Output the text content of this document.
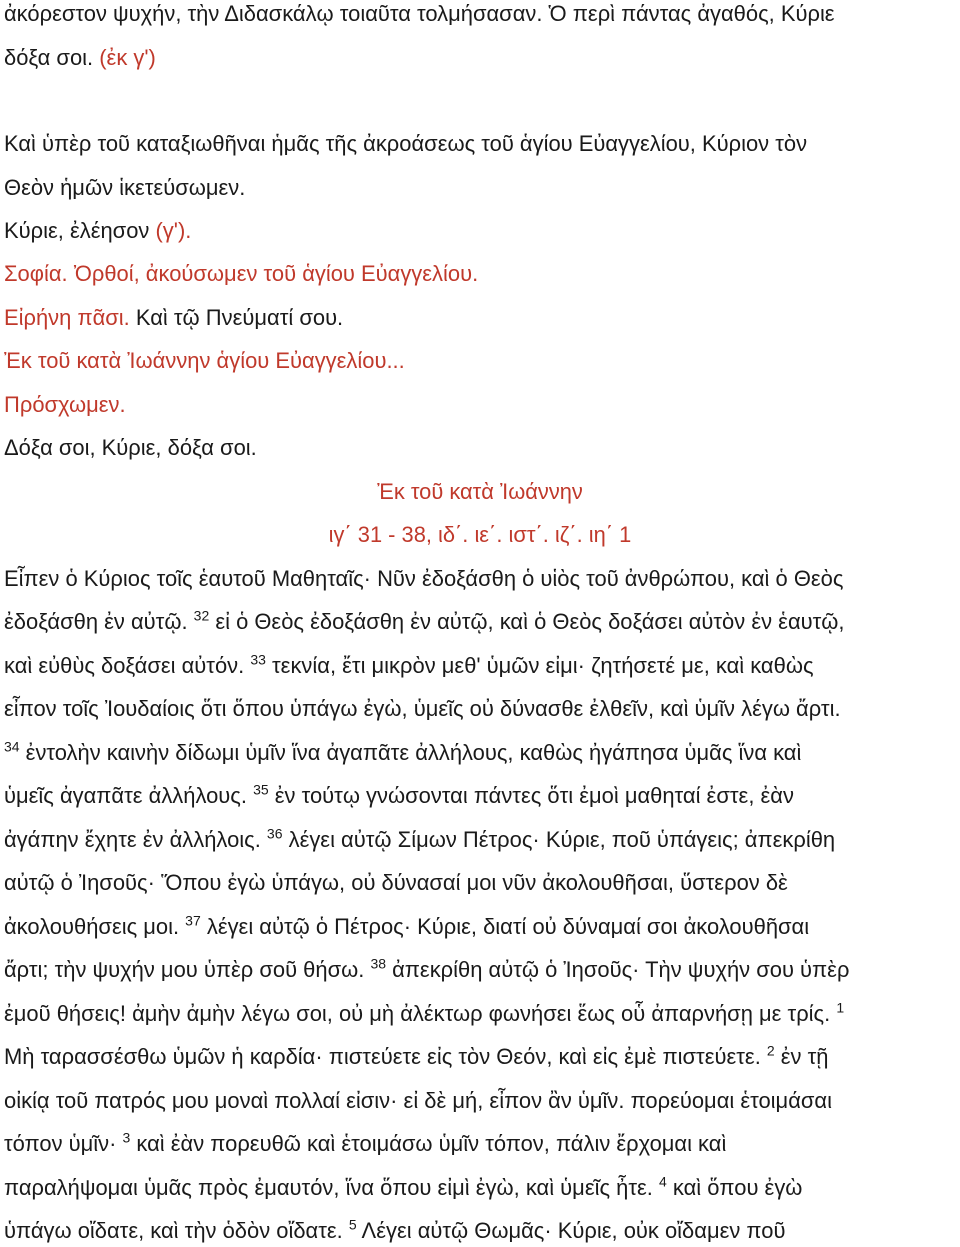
ἀκόρεστον ψυχήν, τὴν Διδασκάλῳ τοιαῦτα τολμήσασαν. Ὁ περὶ πάντας ἀγαθός, Κύριε
δόξα σοι. (ἐκ γ')
Καὶ ὑπὲρ τοῦ καταξιωθῆναι ἡμᾶς τῆς ἀκροάσεως τοῦ ἁγίου Εὐαγγελίου, Κύριον τὸν
Θεὸν ἡμῶν ἱκετεύσωμεν.
Κύριε, ἐλέησον (γ').
Σοφία. Ὀρθοί, ἀκούσωμεν τοῦ ἁγίου Εὐαγγελίου.
Εἰρήνη πᾶσι. Καὶ τῷ Πνεύματί σου.
Ἐκ τοῦ κατὰ Ἰωάννην ἁγίου Εὐαγγελίου...
Πρόσχωμεν.
Δόξα σοι, Κύριε, δόξα σοι.
Ἐκ τοῦ κατὰ Ἰωάννην
ιγ΄ 31 - 38, ιδ΄. ιε΄. ιστ΄. ιζ΄. ιη΄ 1
Εἶπεν ὁ Κύριος τοῖς ἑαυτοῦ Μαθηταῖς· Νῦν ἐδοξάσθη ὁ υἱὸς τοῦ ἀνθρώπου, καὶ ὁ Θεὸς
ἐδοξάσθη ἐν αὐτῷ. $^{32}$ εἰ ὁ Θεὸς ἐδοξάσθη ἐν αὐτῷ, καὶ ὁ Θεὸς δοξάσει αὐτὸν ἐν ἑαυτῷ,
καὶ εὐθὺς δοξάσει αὐτόν. $^{33}$ τεκνία, ἔτι μικρὸν μεθ' ὑμῶν εἰμι· ζητήσετέ με, καὶ καθὼς
εἶπον τοῖς Ἰουδαίοις ὅτι ὅπου ὑπάγω ἐγὼ, ὑμεῖς οὐ δύνασθε ἐλθεῖν, καὶ ὑμῖν λέγω ἄρτι.
$^{34}$ ἐντολὴν καινὴν δίδωμι ὑμῖν ἵνα ἀγαπᾶτε ἀλλήλους, καθὼς ἠγάπησα ὑμᾶς ἵνα καὶ
ὑμεῖς ἀγαπᾶτε ἀλλήλους. $^{35}$ ἐν τούτῳ γνώσονται πάντες ὅτι ἐμοὶ μαθηταί ἐστε, ἐὰν
ἀγάπην ἔχητε ἐν ἀλλήλοις. $^{36}$ λέγει αὐτῷ Σίμων Πέτρος· Κύριε, ποῦ ὑπάγεις; ἀπεκρίθη
αὐτῷ ὁ Ἰησοῦς· Ὅπου ἐγὼ ὑπάγω, οὐ δύνασαί μοι νῦν ἀκολουθῆσαι, ὕστερον δὲ
ἀκολουθήσεις μοι. $^{37}$ λέγει αὐτῷ ὁ Πέτρος· Κύριε, διατί οὐ δύναμαί σοι ἀκολουθῆσαι
ἄρτι; τὴν ψυχήν μου ὑπὲρ σοῦ θήσω. $^{38}$ ἀπεκρίθη αὐτῷ ὁ Ἰησοῦς· Τὴν ψυχήν σου ὑπὲρ
ἐμοῦ θήσεις! ἀμὴν ἀμὴν λέγω σοι, οὐ μὴ ἀλέκτωρ φωνήσει ἕως οὗ ἀπαρνήσῃ με τρίς. $^1$
Μὴ ταρασσέσθω ὑμῶν ἡ καρδία· πιστεύετε εἰς τὸν Θεόν, καὶ εἰς ἐμὲ πιστεύετε. $^2$ ἐν τῇ
οἰκίᾳ τοῦ πατρός μου μοναὶ πολλαί εἰσιν· εἰ δὲ μή, εἶπον ἂν ὑμῖν. πορεύομαι ἑτοιμάσαι
τόπον ὑμῖν· $^3$ καὶ ἐὰν πορευθῶ καὶ ἑτοιμάσω ὑμῖν τόπον, πάλιν ἔρχομαι καὶ
παραλήψομαι ὑμᾶς πρὸς ἐμαυτόν, ἵνα ὅπου εἰμὶ ἐγὼ, καὶ ὑμεῖς ἦτε. $^4$ καὶ ὅπου ἐγὼ
ὑπάγω οἴδατε, καὶ τὴν ὁδὸν οἴδατε. $^5$ Λέγει αὐτῷ Θωμᾶς· Κύριε, οὐκ οἴδαμεν ποῦ
